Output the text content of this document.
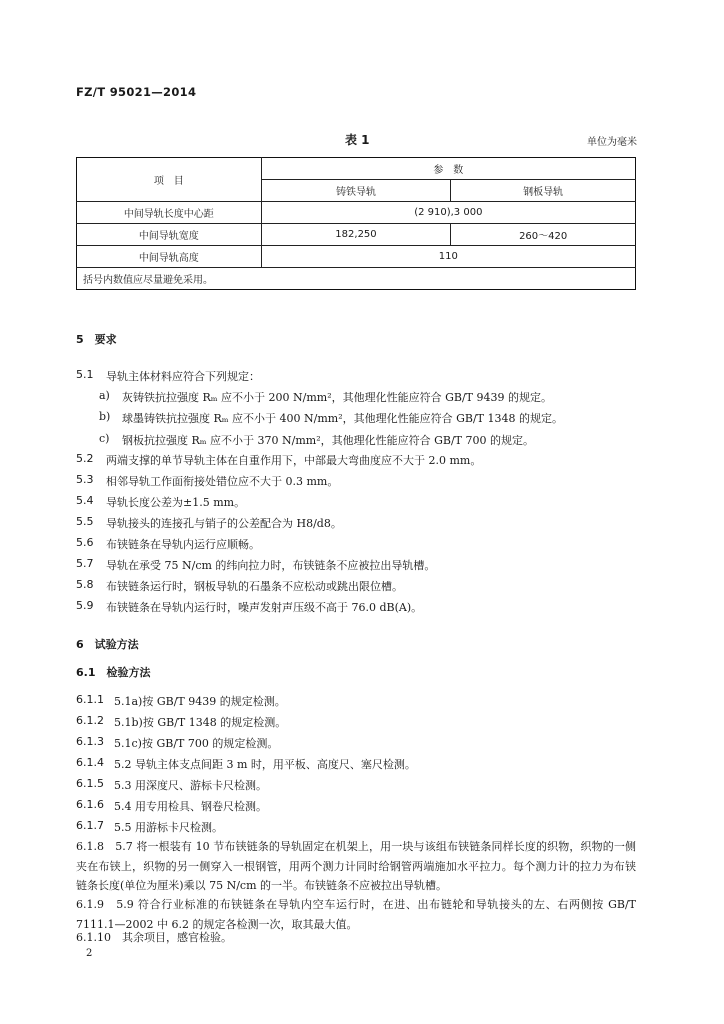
FZ/T 95021—2014
表 1	单位为毫米
项　目	参　数	
	铸铁导轨	钢板导轨
中间导轨长度中心距	(2 910),3 000	
中间导轨宽度	182,250	260～420
中间导轨高度	110	
括号内数值应尽量避免采用。		
5　要求
5.1 导轨主体材料应符合下列规定：
a) 灰铸铁抗拉强度 Rₘ 应不小于 200 N/mm²，其他理化性能应符合 GB/T 9439 的规定。
b) 球墨铸铁抗拉强度 Rₘ 应不小于 400 N/mm²，其他理化性能应符合 GB/T 1348 的规定。
c) 钢板抗拉强度 Rₘ 应不小于 370 N/mm²，其他理化性能应符合 GB/T 700 的规定。
5.2 两端支撑的单节导轨主体在自重作用下，中部最大弯曲度应不大于 2.0 mm。
5.3 相邻导轨工作面衔接处错位应不大于 0.3 mm。
5.4 导轨长度公差为±1.5 mm。
5.5 导轨接头的连接孔与销子的公差配合为 H8/d8。
5.6 布铗链条在导轨内运行应顺畅。
5.7 导轨在承受 75 N/cm 的纬向拉力时，布铗链条不应被拉出导轨槽。
5.8 布铗链条运行时，钢板导轨的石墨条不应松动或跳出限位槽。
5.9 布铗链条在导轨内运行时，噪声发射声压级不高于 76.0 dB(A)。
6　试验方法
6.1　检验方法
6.1.1 5.1a)按 GB/T 9439 的规定检测。
6.1.2 5.1b)按 GB/T 1348 的规定检测。
6.1.3 5.1c)按 GB/T 700 的规定检测。
6.1.4 5.2 导轨主体支点间距 3 m 时，用平板、高度尺、塞尺检测。
6.1.5 5.3 用深度尺、游标卡尺检测。
6.1.6 5.4 用专用检具、钢卷尺检测。
6.1.7 5.5 用游标卡尺检测。
6.1.8　5.7 将一根装有 10 节布铗链条的导轨固定在机架上，用一块与该组布铗链条同样长度的织物，织物的一侧夹在布铗上，织物的另一侧穿入一根钢管，用两个测力计同时给钢管两端施加水平拉力。每个测力计的拉力为布铗链条长度(单位为厘米)乘以 75 N/cm 的一半。布铗链条不应被拉出导轨槽。
6.1.9　5.9 符合行业标准的布铗链条在导轨内空车运行时，在进、出布链轮和导轨接头的左、右两侧按 GB/T 7111.1—2002 中 6.2 的规定各检测一次，取其最大值。
6.1.10　其余项目，感官检验。
2
